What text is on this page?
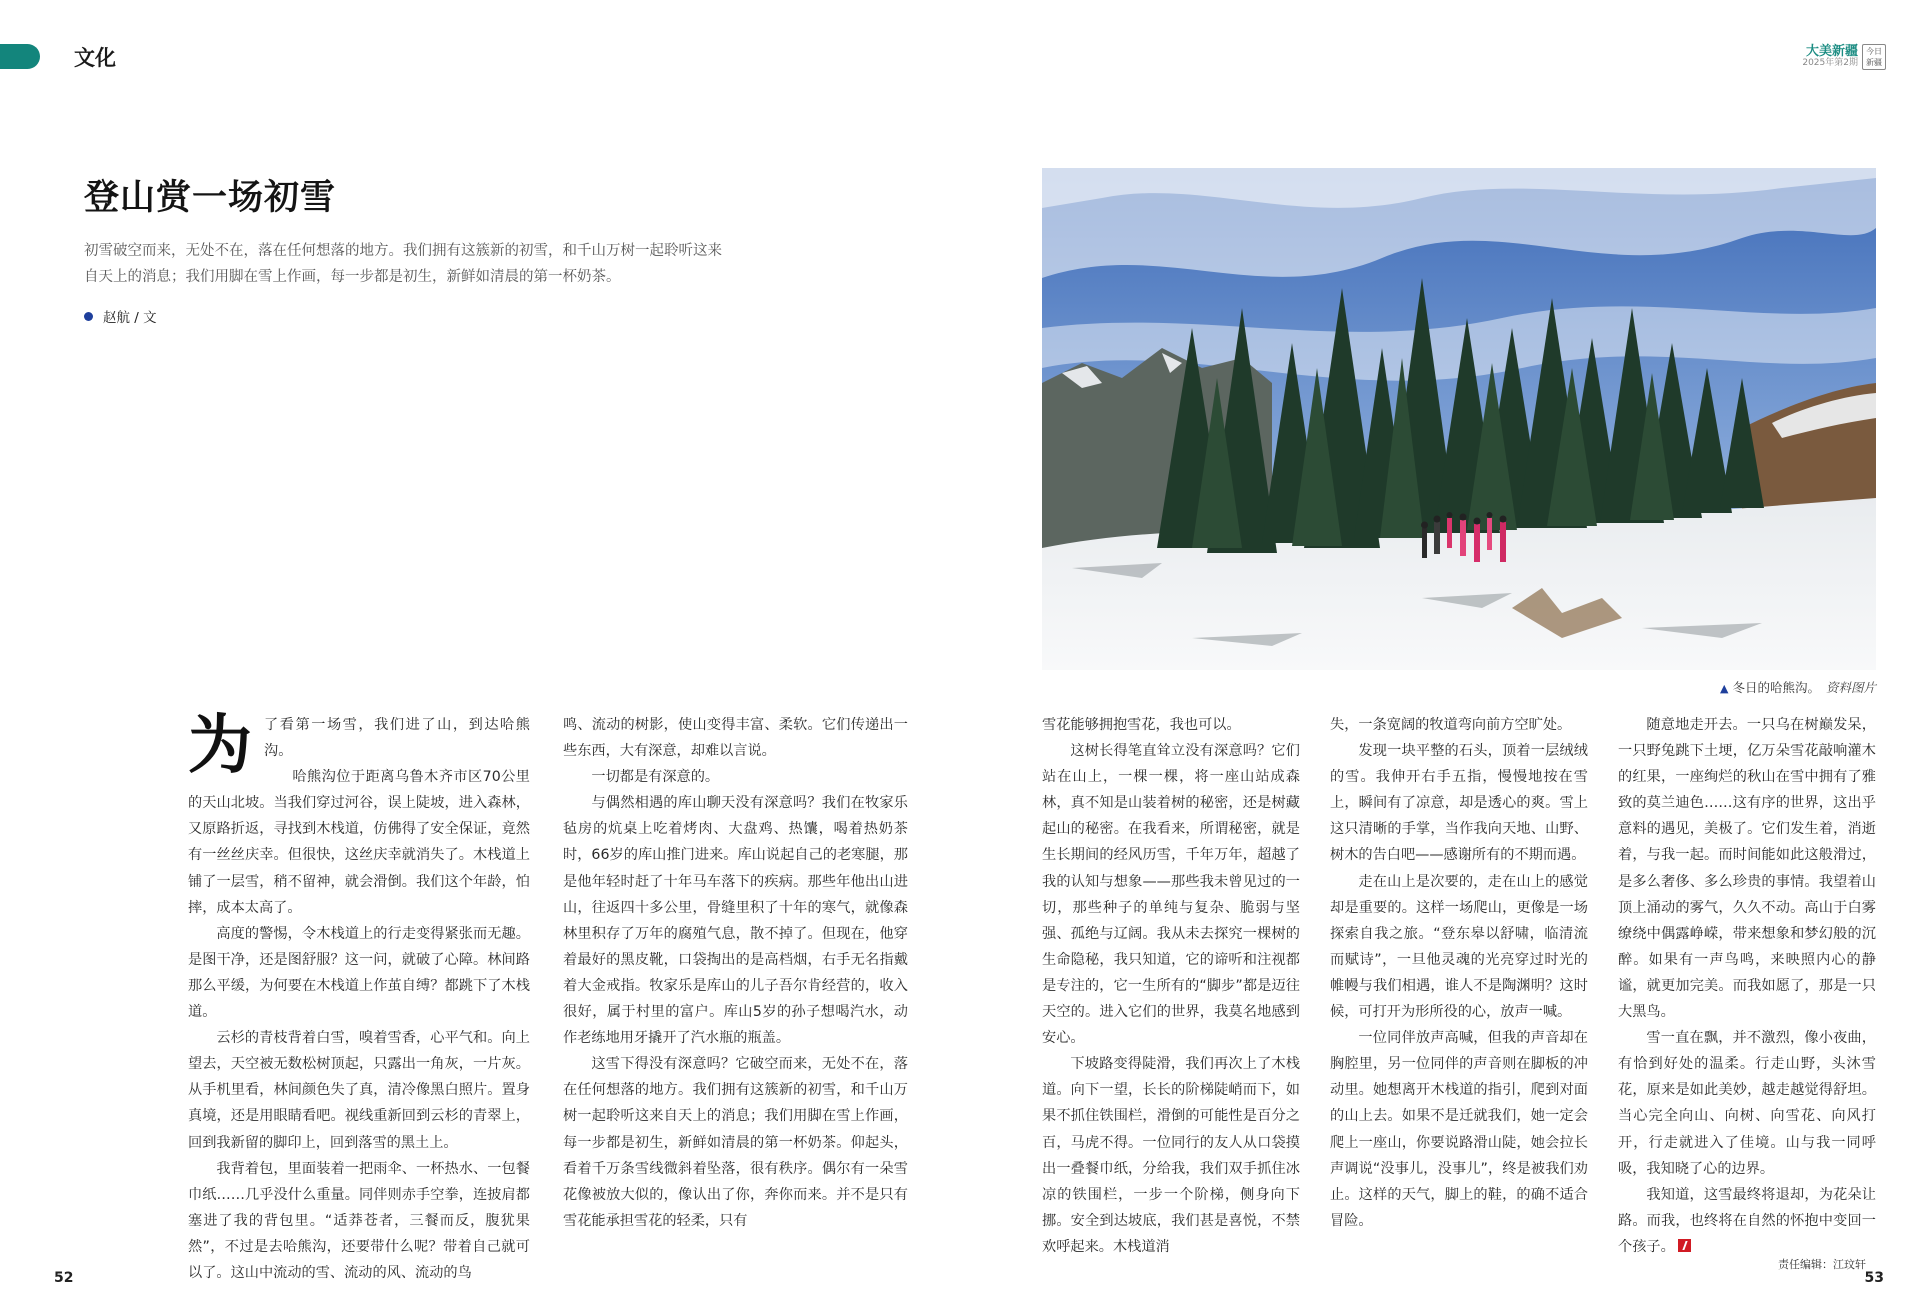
文化	大美新疆
2025年第2期
今日
新疆
登山赏一场初雪

初雪破空而来，无处不在，落在任何想落的地方。我们拥有这簇新的初雪，和千山万树一起聆听这来自天上的消息；我们用脚在雪上作画，每一步都是初生，新鲜如清晨的第一杯奶茶。

赵航 / 文
▲ 冬日的哈熊沟。 资料图片
为 了看第一场雪，我们进了山，到达哈熊沟。

哈熊沟位于距离乌鲁木齐市区70公里的天山北坡。当我们穿过河谷，误上陡坡，进入森林，又原路折返，寻找到木栈道，仿佛得了安全保证，竟然有一丝丝庆幸。但很快，这丝庆幸就消失了。木栈道上铺了一层雪，稍不留神，就会滑倒。我们这个年龄，怕摔，成本太高了。

高度的警惕，令木栈道上的行走变得紧张而无趣。是图干净，还是图舒服？这一问，就破了心障。林间路那么平缓，为何要在木栈道上作茧自缚？都跳下了木栈道。

云杉的青枝背着白雪，嗅着雪香，心平气和。向上望去，天空被无数松树顶起，只露出一角灰，一片灰。从手机里看，林间颜色失了真，清冷像黑白照片。置身真境，还是用眼睛看吧。视线重新回到云杉的青翠上，回到我新留的脚印上，回到落雪的黑土上。

我背着包，里面装着一把雨伞、一杯热水、一包餐巾纸……几乎没什么重量。同伴则赤手空拳，连披肩都塞进了我的背包里。“适莽苍者，三餐而反，腹犹果然”，不过是去哈熊沟，还要带什么呢？带着自己就可以了。这山中流动的雪、流动的风、流动的鸟

鸣、流动的树影，使山变得丰富、柔软。它们传递出一些东西，大有深意，却难以言说。

一切都是有深意的。

与偶然相遇的库山聊天没有深意吗？我们在牧家乐毡房的炕桌上吃着烤肉、大盘鸡、热馕，喝着热奶茶时，66岁的库山推门进来。库山说起自己的老寒腿，那是他年轻时赶了十年马车落下的疾病。那些年他出山进山，往返四十多公里，骨缝里积了十年的寒气，就像森林里积存了万年的腐殖气息，散不掉了。但现在，他穿着最好的黑皮靴，口袋掏出的是高档烟，右手无名指戴着大金戒指。牧家乐是库山的儿子吾尔肯经营的，收入很好，属于村里的富户。库山5岁的孙子想喝汽水，动作老练地用牙撬开了汽水瓶的瓶盖。

这雪下得没有深意吗？它破空而来，无处不在，落在任何想落的地方。我们拥有这簇新的初雪，和千山万树一起聆听这来自天上的消息；我们用脚在雪上作画，每一步都是初生，新鲜如清晨的第一杯奶茶。仰起头，看着千万条雪线微斜着坠落，很有秩序。偶尔有一朵雪花像被放大似的，像认出了你，奔你而来。并不是只有雪花能承担雪花的轻柔，只有

雪花能够拥抱雪花，我也可以。

这树长得笔直耸立没有深意吗？它们站在山上，一棵一棵，将一座山站成森林，真不知是山装着树的秘密，还是树藏起山的秘密。在我看来，所谓秘密，就是生长期间的经风历雪，千年万年，超越了我的认知与想象——那些我未曾见过的一切，那些种子的单纯与复杂、脆弱与坚强、孤绝与辽阔。我从未去探究一棵树的生命隐秘，我只知道，它的谛听和注视都是专注的，它一生所有的“脚步”都是迈往天空的。进入它们的世界，我莫名地感到安心。

下坡路变得陡滑，我们再次上了木栈道。向下一望，长长的阶梯陡峭而下，如果不抓住铁围栏，滑倒的可能性是百分之百，马虎不得。一位同行的友人从口袋摸出一叠餐巾纸，分给我，我们双手抓住冰凉的铁围栏，一步一个阶梯，侧身向下挪。安全到达坡底，我们甚是喜悦，不禁欢呼起来。木栈道消

失，一条宽阔的牧道弯向前方空旷处。

发现一块平整的石头，顶着一层绒绒的雪。我伸开右手五指，慢慢地按在雪上，瞬间有了凉意，却是透心的爽。雪上这只清晰的手掌，当作我向天地、山野、树木的告白吧——感谢所有的不期而遇。

走在山上是次要的，走在山上的感觉却是重要的。这样一场爬山，更像是一场探索自我之旅。“登东皋以舒啸，临清流而赋诗”，一旦他灵魂的光亮穿过时光的帷幔与我们相遇，谁人不是陶渊明？这时候，可打开为形所役的心，放声一喊。

一位同伴放声高喊，但我的声音却在胸腔里，另一位同伴的声音则在脚板的冲动里。她想离开木栈道的指引，爬到对面的山上去。如果不是迁就我们，她一定会爬上一座山，你要说路滑山陡，她会拉长声调说“没事儿，没事儿”，终是被我们劝止。这样的天气，脚上的鞋，的确不适合冒险。

随意地走开去。一只乌在树巅发呆，一只野兔跳下土埂，亿万朵雪花敲响灌木的红果，一座绚烂的秋山在雪中拥有了雅致的莫兰迪色……这有序的世界，这出乎意料的遇见，美极了。它们发生着，消逝着，与我一起。而时间能如此这般滑过，是多么奢侈、多么珍贵的事情。我望着山顶上涌动的雾气，久久不动。高山于白雾缭绕中偶露峥嵘，带来想象和梦幻般的沉醉。如果有一声鸟鸣，来映照内心的静谧，就更加完美。而我如愿了，那是一只大黑鸟。

雪一直在飘，并不激烈，像小夜曲，有恰到好处的温柔。行走山野，头沐雪花，原来是如此美妙，越走越觉得舒坦。当心完全向山、向树、向雪花、向风打开，行走就进入了佳境。山与我一同呼吸，我知晓了心的边界。

我知道，这雪最终将退却，为花朵让路。而我，也终将在自然的怀抱中变回一个孩子。

责任编辑：江玟轩
52	53
